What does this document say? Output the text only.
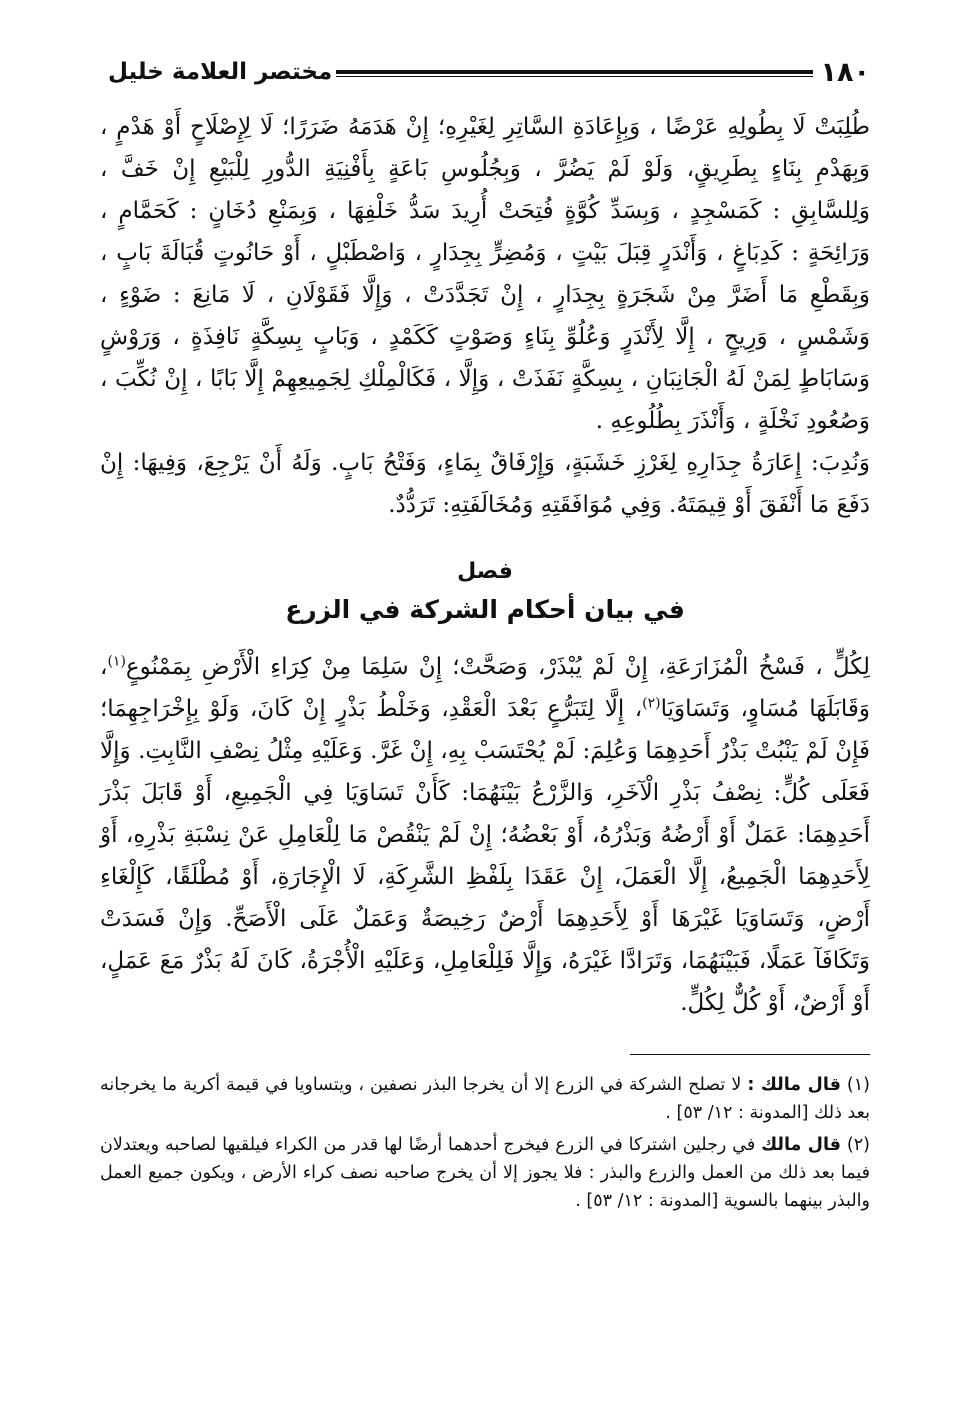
١٨٠
مختصر العلامة خليل

طُلِبَتْ لَا بِطُولِهِ عَرْضًا ، وَبِإِعَادَةِ السَّاتِرِ لِغَيْرِهِ؛ إِنْ هَدَمَهُ ضَرَرًا؛ لَا لِإِصْلَاحٍ أَوْ هَدْمٍ ، وَبِهَدْمِ بِنَاءٍ بِطَرِيقٍ، وَلَوْ لَمْ يَضُرَّ ، وَبِجُلُوسِ بَاعَةٍ بِأَفْنِيَةِ الدُّورِ لِلْبَيْعِ إِنْ خَفَّ ، وَلِلسَّابِقِ : كَمَسْجِدٍ ، وَبِسَدِّ كُوَّةٍ فُتِحَتْ أُرِيدَ سَدُّ خَلْفِهَا ، وَبِمَنْعِ دُخَانٍ : كَحَمَّامٍ ، وَرَائِحَةٍ : كَدِبَاغٍ ، وَأَنْدَرٍ قِبَلَ بَيْتٍ ، وَمُضِرٍّ بِجِدَارٍ ، وَاصْطَبْلٍ ، أَوْ حَانُوتٍ قُبَالَةَ بَابٍ ، وَبِقَطْعِ مَا أَضَرَّ مِنْ شَجَرَةٍ بِجِدَارٍ ، إِنْ تَجَدَّدَتْ ، وَإِلَّا فَقَوْلَانِ ، لَا مَانِعَ : ضَوْءٍ ، وَشَمْسٍ ، وَرِيحٍ ، إِلَّا لِأَنْدَرٍ وَعُلُوِّ بِنَاءٍ وَصَوْتٍ كَكَمْدٍ ، وَبَابٍ بِسِكَّةٍ نَافِذَةٍ ، وَرَوْشٍ وَسَابَاطٍ لِمَنْ لَهُ الْجَانِبَانِ ، بِسِكَّةٍ نَفَذَتْ ، وَإِلَّا ، فَكَالْمِلْكِ لِجَمِيعِهِمْ إِلَّا بَابًا ، إِنْ نُكِّبَ ، وَصُعُودِ نَخْلَةٍ ، وَأَنْذَرَ بِطُلُوعِهِ .

وَنُدِبَ: إِعَارَةُ جِدَارِهِ لِغَرْزِ خَشَبَةٍ، وَإِرْفَاقٌ بِمَاءٍ، وَفَتْحُ بَابٍ. وَلَهُ أَنْ يَرْجِعَ، وَفِيهَا: إِنْ دَفَعَ مَا أَنْفَقَ أَوْ قِيمَتَهُ. وَفِي مُوَافَقَتِهِ وَمُخَالَفَتِهِ: تَرَدُّدٌ.

فصل

في بيان أحكام الشركة في الزرع

لِكُلٍّ ، فَسْخُ الْمُزَارَعَةِ، إِنْ لَمْ يُبْذَرْ، وَصَحَّتْ؛ إِنْ سَلِمَا مِنْ كِرَاءِ الْأَرْضِ بِمَمْنُوعٍ$^{(١)}$، وَقَابَلَهَا مُسَاوٍ، وَتَسَاوَيَا$^{(٢)}$، إِلَّا لِتَبَرُّعٍ بَعْدَ الْعَقْدِ، وَخَلْطُ بَذْرٍ إِنْ كَانَ، وَلَوْ بِإِخْرَاجِهِمَا؛ فَإِنْ لَمْ يَنْبُتْ بَذْرُ أَحَدِهِمَا وَعُلِمَ: لَمْ يُحْتَسَبْ بِهِ، إِنْ غَرَّ. وَعَلَيْهِ مِثْلُ نِصْفِ النَّابِتِ. وَإِلَّا فَعَلَى كُلٍّ: نِصْفُ بَذْرِ الْآخَرِ، وَالزَّرْعُ بَيْنَهُمَا: كَأَنْ تَسَاوَيَا فِي الْجَمِيعِ، أَوْ قَابَلَ بَذْرَ أَحَدِهِمَا: عَمَلٌ أَوْ أَرْضُهُ وَبَذْرُهُ، أَوْ بَعْضُهُ؛ إِنْ لَمْ يَنْقُصْ مَا لِلْعَامِلِ عَنْ نِسْبَةِ بَذْرِهِ، أَوْ لِأَحَدِهِمَا الْجَمِيعُ، إِلَّا الْعَمَلَ، إِنْ عَقَدَا بِلَفْظِ الشَّرِكَةِ، لَا الْإِجَارَةِ، أَوْ مُطْلَقًا، كَإِلْغَاءِ أَرْضٍ، وَتَسَاوَيَا غَيْرَهَا أَوْ لِأَحَدِهِمَا أَرْضٌ رَخِيصَةٌ وَعَمَلٌ عَلَى الْأَصَحِّ. وَإِنْ فَسَدَتْ وَتَكَافَآ عَمَلًا، فَبَيْنَهُمَا، وَتَرَادَّا غَيْرَهُ، وَإِلَّا فَلِلْعَامِلِ، وَعَلَيْهِ الْأُجْرَةُ، كَانَ لَهُ بَذْرٌ مَعَ عَمَلٍ، أَوْ أَرْضٌ، أَوْ كُلٌّ لِكُلٍّ.

(١) قال مالك : لا تصلح الشركة في الزرع إلا أن يخرجا البذر نصفين ، ويتساويا في قيمة أكرية ما يخرجانه بعد ذلك [المدونة : ١٢/ ٥٣] .

(٢) قال مالك في رجلين اشتركا في الزرع فيخرج أحدهما أرضًا لها قدر من الكراء فيلقيها لصاحبه ويعتدلان فيما بعد ذلك من العمل والزرع والبذر : فلا يجوز إلا أن يخرج صاحبه نصف كراء الأرض ، ويكون جميع العمل والبذر بينهما بالسوية [المدونة : ١٢/ ٥٣] .
